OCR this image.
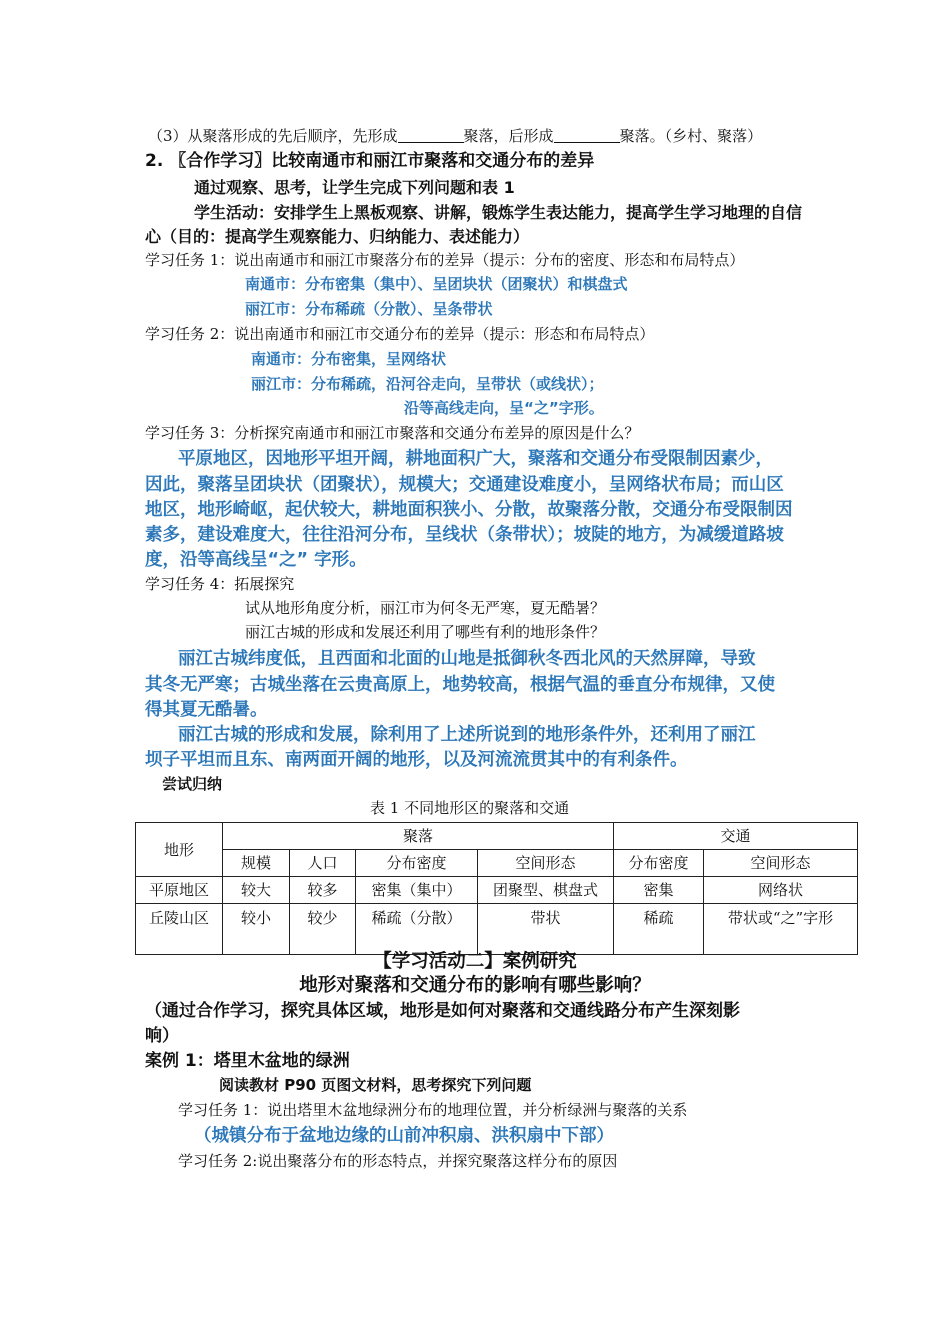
（3）从聚落形成的先后顺序，先形成	聚落，后形成	聚落。（乡村、聚落）
2. 〖合作学习〗比较南通市和丽江市聚落和交通分布的差异
通过观察、思考，让学生完成下列问题和表 1
学生活动：安排学生上黑板观察、讲解，锻炼学生表达能力，提高学生学习地理的自信
心（目的：提高学生观察能力、归纳能力、表述能力）
学习任务 1：说出南通市和丽江市聚落分布的差异（提示：分布的密度、形态和布局特点）
南通市：分布密集（集中）、呈团块状（团聚状）和棋盘式
丽江市：分布稀疏（分散）、呈条带状
学习任务 2：说出南通市和丽江市交通分布的差异（提示：形态和布局特点）
南通市：分布密集，呈网络状
丽江市：分布稀疏，沿河谷走向，呈带状（或线状）；
沿等高线走向，呈“之”字形。
学习任务 3：分析探究南通市和丽江市聚落和交通分布差异的原因是什么？
平原地区，因地形平坦开阔，耕地面积广大，聚落和交通分布受限制因素少，
因此，聚落呈团块状（团聚状），规模大；交通建设难度小，呈网络状布局；而山区
地区，地形崎岖，起伏较大，耕地面积狭小、分散，故聚落分散，交通分布受限制因
素多，建设难度大，往往沿河分布，呈线状（条带状）；坡陡的地方，为减缓道路坡
度，沿等高线呈“之” 字形。
学习任务 4：拓展探究
试从地形角度分析，丽江市为何冬无严寒，夏无酷暑？
丽江古城的形成和发展还利用了哪些有利的地形条件？
丽江古城纬度低，且西面和北面的山地是抵御秋冬西北风的天然屏障，导致
其冬无严寒；古城坐落在云贵高原上，地势较高，根据气温的垂直分布规律，又使
得其夏无酷暑。
丽江古城的形成和发展，除利用了上述所说到的地形条件外，还利用了丽江
坝子平坦而且东、南两面开阔的地形，以及河流流贯其中的有利条件。
尝试归纳
表 1 不同地形区的聚落和交通
地形	聚落				交通	
	规模	人口	分布密度	空间形态	分布密度	空间形态
平原地区	较大	较多	密集（集中）	团聚型、棋盘式	密集	网络状
丘陵山区	较小	较少	稀疏（分散）	带状	稀疏	带状或“之”字形
【学习活动二】案例研究
地形对聚落和交通分布的影响有哪些影响？
（通过合作学习，探究具体区域，地形是如何对聚落和交通线路分布产生深刻影
响）
案例 1：塔里木盆地的绿洲
阅读教材 P90 页图文材料，思考探究下列问题
学习任务 1：说出塔里木盆地绿洲分布的地理位置，并分析绿洲与聚落的关系
（城镇分布于盆地边缘的山前冲积扇、洪积扇中下部）
学习任务 2:说出聚落分布的形态特点，并探究聚落这样分布的原因
